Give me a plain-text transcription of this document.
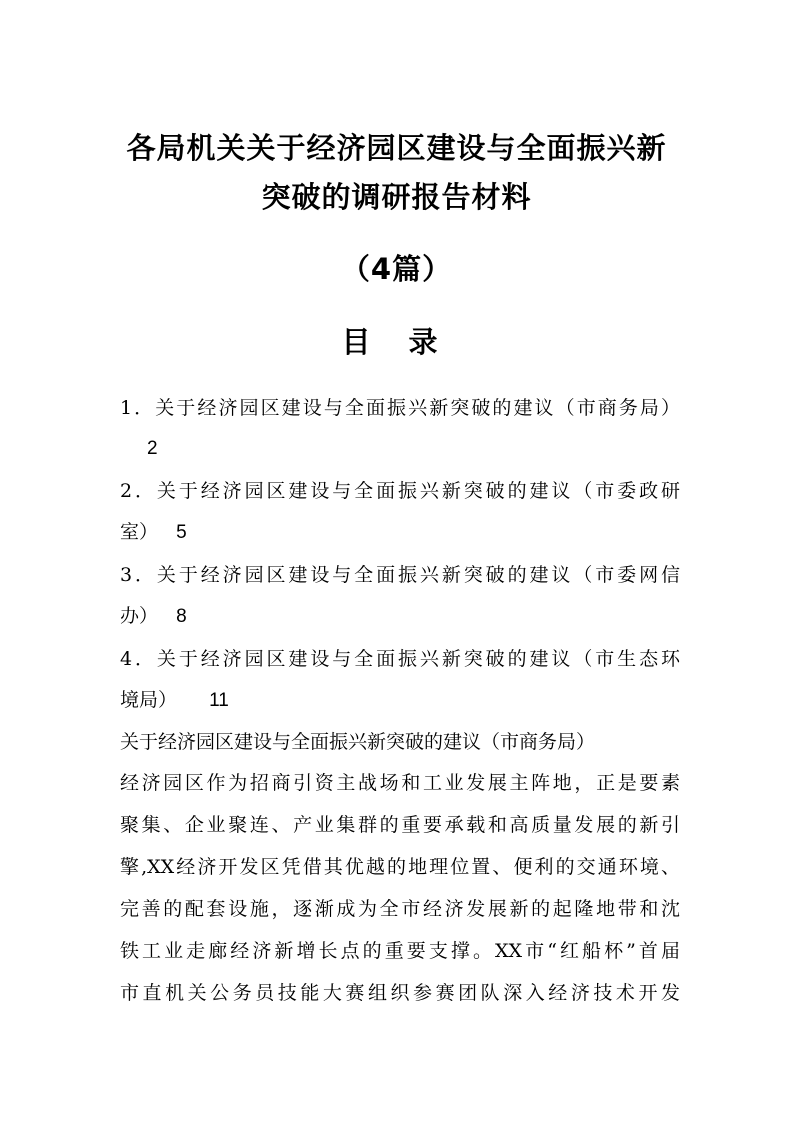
各局机关关于经济园区建设与全面振兴新
突破的调研报告材料
（4篇）
目 录
1．关于经济园区建设与全面振兴新突破的建议（市商务局）
2
2．关于经济园区建设与全面振兴新突破的建议（市委政研
室） 5
3．关于经济园区建设与全面振兴新突破的建议（市委网信
办） 8
4．关于经济园区建设与全面振兴新突破的建议（市生态环
境局） 11
关于经济园区建设与全面振兴新突破的建议（市商务局）
经济园区作为招商引资主战场和工业发展主阵地，正是要素
聚集、企业聚连、产业集群的重要承载和高质量发展的新引
擎,XX经济开发区凭借其优越的地理位置、便利的交通环境、
完善的配套设施，逐渐成为全市经济发展新的起隆地带和沈
铁工业走廊经济新增长点的重要支撑。XX市“红船杯”首届
市直机关公务员技能大赛组织参赛团队深入经济技术开发
